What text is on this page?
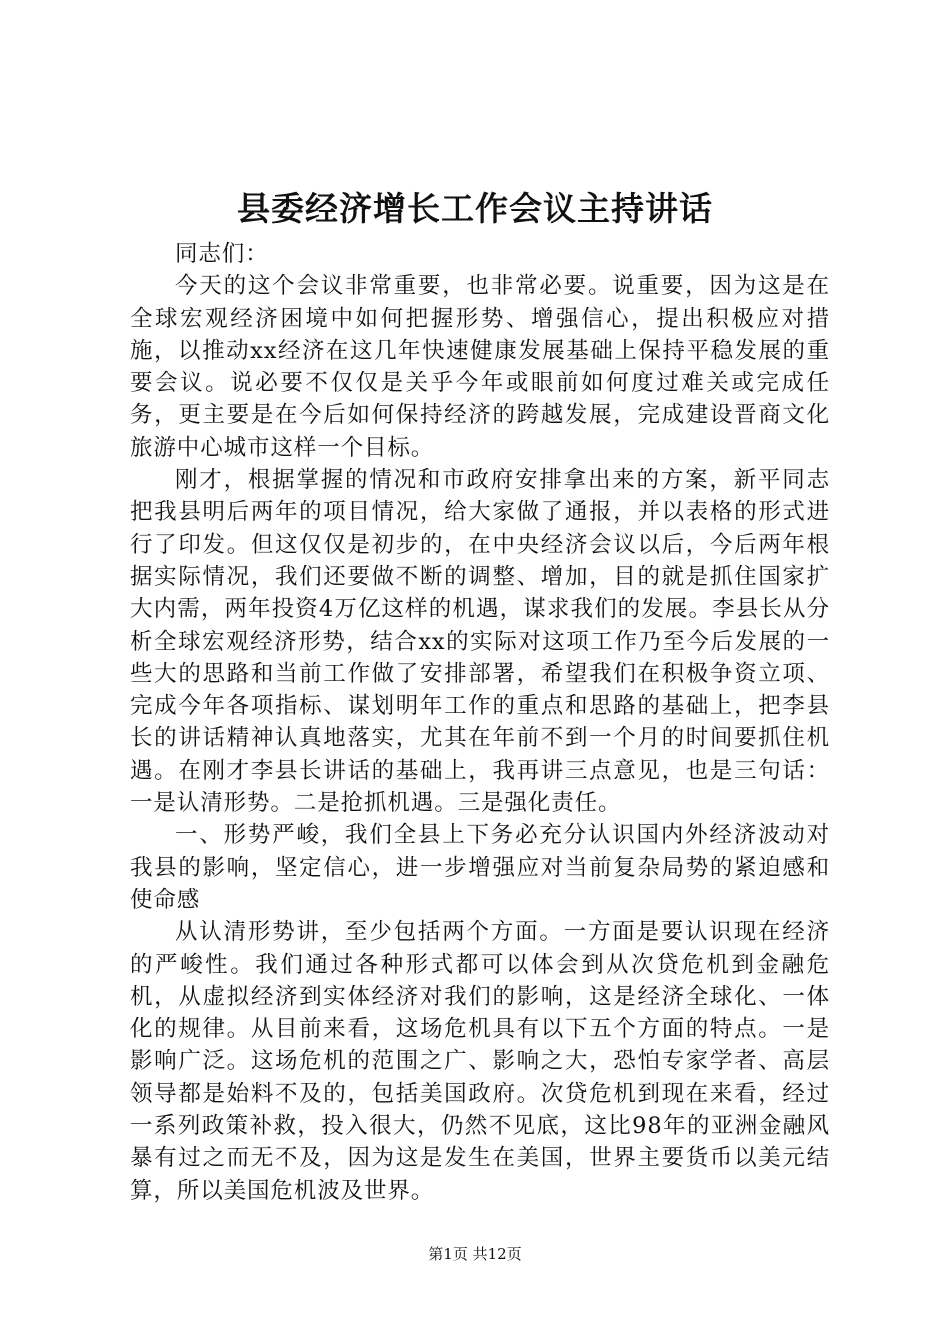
县委经济增长工作会议主持讲话

同志们：

今天的这个会议非常重要，也非常必要。说重要，因为这是在全球宏观经济困境中如何把握形势、增强信心，提出积极应对措施，以推动xx经济在这几年快速健康发展基础上保持平稳发展的重要会议。说必要不仅仅是关乎今年或眼前如何度过难关或完成任务，更主要是在今后如何保持经济的跨越发展，完成建设晋商文化旅游中心城市这样一个目标。

刚才，根据掌握的情况和市政府安排拿出来的方案，新平同志把我县明后两年的项目情况，给大家做了通报，并以表格的形式进行了印发。但这仅仅是初步的，在中央经济会议以后，今后两年根据实际情况，我们还要做不断的调整、增加，目的就是抓住国家扩大内需，两年投资4万亿这样的机遇，谋求我们的发展。李县长从分析全球宏观经济形势，结合xx的实际对这项工作乃至今后发展的一些大的思路和当前工作做了安排部署，希望我们在积极争资立项、完成今年各项指标、谋划明年工作的重点和思路的基础上，把李县长的讲话精神认真地落实，尤其在年前不到一个月的时间要抓住机遇。在刚才李县长讲话的基础上，我再讲三点意见，也是三句话：一是认清形势。二是抢抓机遇。三是强化责任。

一、形势严峻，我们全县上下务必充分认识国内外经济波动对我县的影响，坚定信心，进一步增强应对当前复杂局势的紧迫感和使命感

从认清形势讲，至少包括两个方面。一方面是要认识现在经济的严峻性。我们通过各种形式都可以体会到从次贷危机到金融危机，从虚拟经济到实体经济对我们的影响，这是经济全球化、一体化的规律。从目前来看，这场危机具有以下五个方面的特点。一是影响广泛。这场危机的范围之广、影响之大，恐怕专家学者、高层领导都是始料不及的，包括美国政府。次贷危机到现在来看，经过一系列政策补救，投入很大，仍然不见底，这比98年的亚洲金融风暴有过之而无不及，因为这是发生在美国，世界主要货币以美元结算，所以美国危机波及世界。

第1页 共12页
